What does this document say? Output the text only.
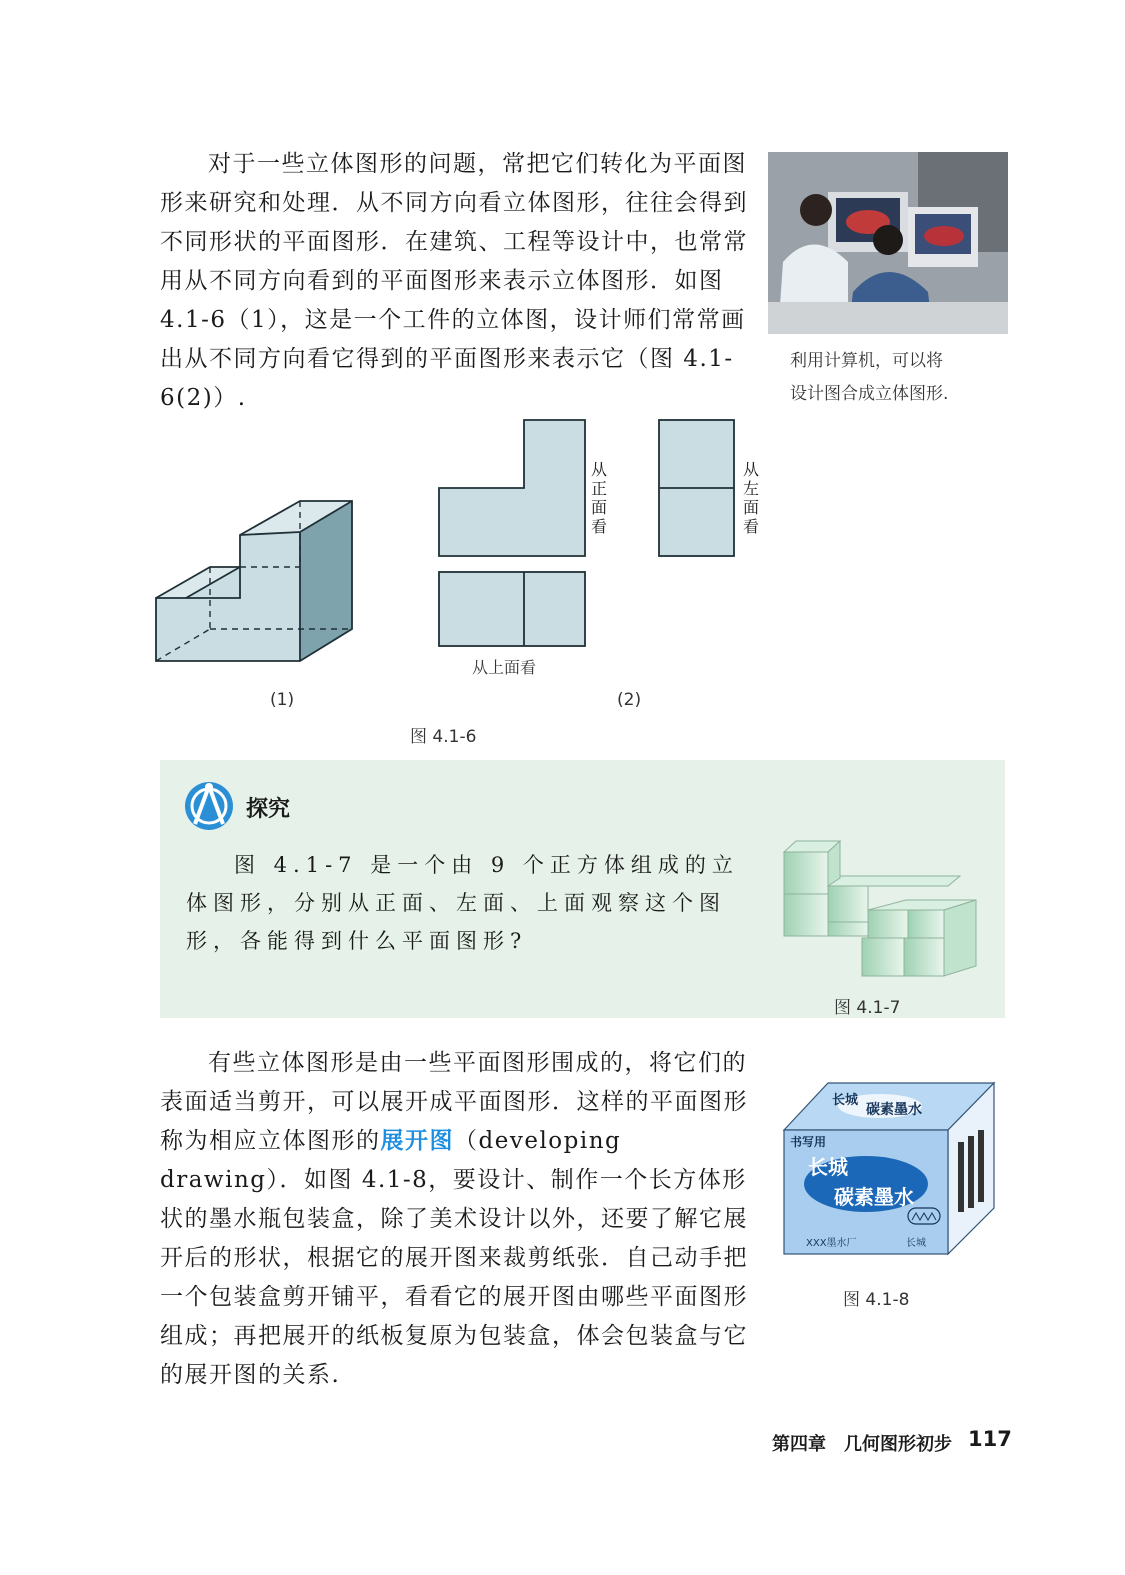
对于一些立体图形的问题，常把它们转化为平面图形来研究和处理．从不同方向看立体图形，往往会得到不同形状的平面图形．在建筑、工程等设计中，也常常用从不同方向看到的平面图形来表示立体图形．如图 4.1-6（1），这是一个工件的立体图，设计师们常常画出从不同方向看它得到的平面图形来表示它（图 4.1-6(2)）.

利用计算机，可以将
设计图合成立体图形.
从正面看
从左面看
从上面看
(1)	(2)
图 4.1-6
探究

图 4.1-7 是一个由 9 个正方体组成的立体图形，分别从正面、左面、上面观察这个图形，各能得到什么平面图形?

图 4.1-7

有些立体图形是由一些平面图形围成的，将它们的表面适当剪开，可以展开成平面图形．这样的平面图形称为相应立体图形的展开图（developing drawing）．如图 4.1-8，要设计、制作一个长方体形状的墨水瓶包装盒，除了美术设计以外，还要了解它展开后的形状，根据它的展开图来裁剪纸张．自己动手把一个包装盒剪开铺平，看看它的展开图由哪些平面图形组成；再把展开的纸板复原为包装盒，体会包装盒与它的展开图的关系.

长城
碳素墨水
书写用
长城
碳素墨水
XXX墨水厂	长城
图 4.1-8
第四章　几何图形初步 117
